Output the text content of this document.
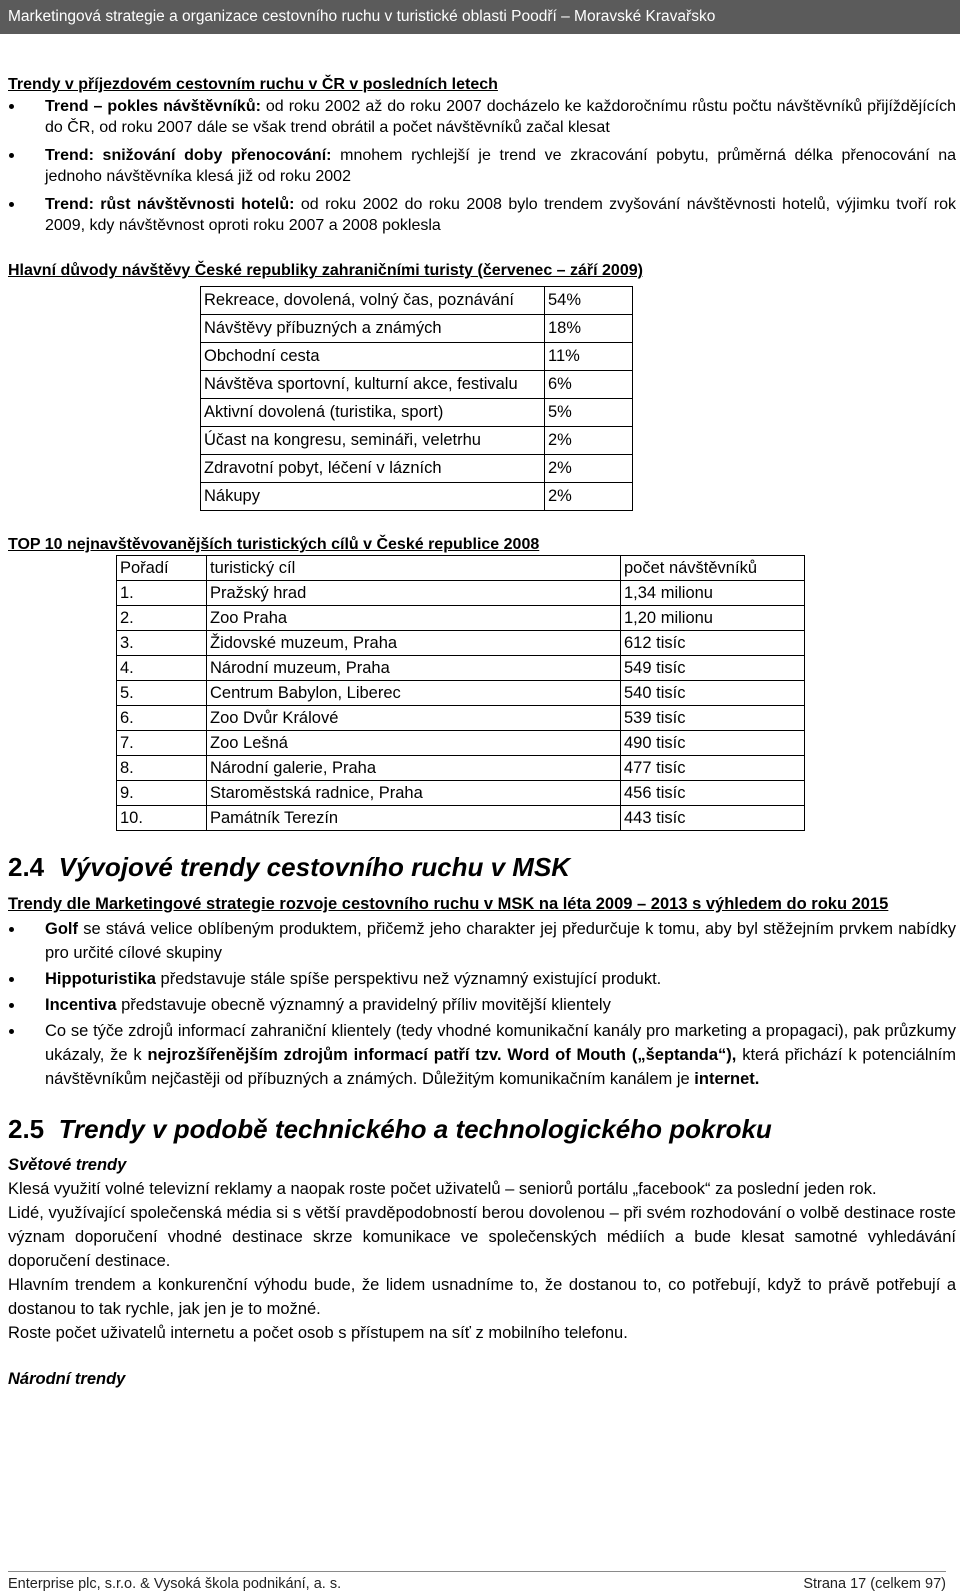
Marketingová strategie a organizace cestovního ruchu v turistické oblasti Poodří – Moravské Kravařsko
Trendy v příjezdovém cestovním ruchu v ČR v posledních letech
Trend – pokles návštěvníků: od roku 2002 až do roku 2007 docházelo ke každoročnímu růstu počtu návštěvníků přijíždějících do ČR, od roku 2007 dále se však trend obrátil a počet návštěvníků začal klesat
Trend: snižování doby přenocování: mnohem rychlejší je trend ve zkracování pobytu, průměrná délka přenocování na jednoho návštěvníka klesá již od roku 2002
Trend: růst návštěvnosti hotelů: od roku 2002 do roku 2008 bylo trendem zvyšování návštěvnosti hotelů, výjimku tvoří rok 2009, kdy návštěvnost oproti roku 2007 a 2008 poklesla
Hlavní důvody návštěvy České republiky zahraničními turisty (červenec – září 2009)
Rekreace, dovolená, volný čas, poznávání	54%
Návštěvy příbuzných a známých	18%
Obchodní cesta	11%
Návštěva sportovní, kulturní akce, festivalu	6%
Aktivní dovolená (turistika, sport)	5%
Účast na kongresu, semináři, veletrhu	2%
Zdravotní pobyt, léčení v lázních	2%
Nákupy	2%
TOP 10 nejnavštěvovanějších turistických cílů v České republice 2008
Pořadí	turistický cíl	počet návštěvníků
1.	Pražský hrad	1,34 milionu
2.	Zoo Praha	1,20 milionu
3.	Židovské muzeum, Praha	612 tisíc
4.	Národní muzeum, Praha	549 tisíc
5.	Centrum Babylon, Liberec	540 tisíc
6.	Zoo Dvůr Králové	539 tisíc
7.	Zoo Lešná	490 tisíc
8.	Národní galerie, Praha	477 tisíc
9.	Staroměstská radnice, Praha	456 tisíc
10.	Památník Terezín	443 tisíc
2.4 Vývojové trendy cestovního ruchu v MSK
Trendy dle Marketingové strategie rozvoje cestovního ruchu v MSK na léta 2009 – 2013 s výhledem do roku 2015
Golf se stává velice oblíbeným produktem, přičemž jeho charakter jej předurčuje k tomu, aby byl stěžejním prvkem nabídky pro určité cílové skupiny
Hippoturistika představuje stále spíše perspektivu než významný existující produkt.
Incentiva představuje obecně významný a pravidelný příliv movitější klientely
Co se týče zdrojů informací zahraniční klientely (tedy vhodné komunikační kanály pro marketing a propagaci), pak průzkumy ukázaly, že k nejrozšířenějším zdrojům informací patří tzv. Word of Mouth („šeptanda“), která přichází k potenciálním návštěvníkům nejčastěji od příbuzných a známých. Důležitým komunikačním kanálem je internet.
2.5 Trendy v podobě technického a technologického pokroku
Světové trendy
Klesá využití volné televizní reklamy a naopak roste počet uživatelů – seniorů portálu „facebook“ za poslední jeden rok.
Lidé, využívající společenská média si s větší pravděpodobností berou dovolenou – při svém rozhodování o volbě destinace roste význam doporučení vhodné destinace skrze komunikace ve společenských médiích a bude klesat samotné vyhledávání doporučení destinace.
Hlavním trendem a konkurenční výhodu bude, že lidem usnadníme to, že dostanou to, co potřebují, když to právě potřebují a dostanou to tak rychle, jak jen je to možné.
Roste počet uživatelů internetu a počet osob s přístupem na síť z mobilního telefonu.
Národní trendy
Enterprise plc, s.r.o. & Vysoká škola podnikání, a. s.	Strana 17 (celkem 97)
